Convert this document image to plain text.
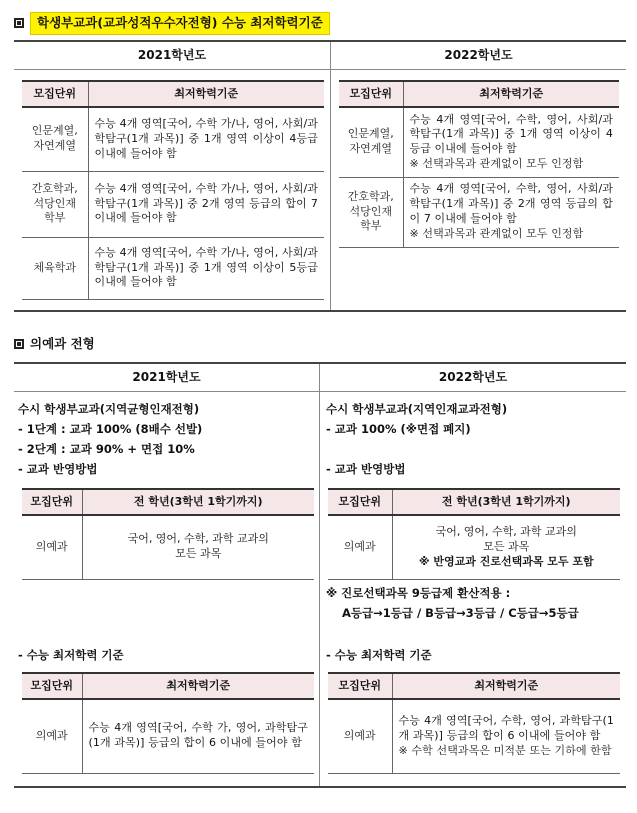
학생부교과(교과성적우수자전형) 수능 최저학력기준
2021학년도
모집단위	최저학력기준
인문계열,
자연계열	수능 4개 영역[국어, 수학 가/나, 영어, 사회/과학탐구(1개 과목)] 중 1개 영역 이상이 4등급 이내에 들어야 함
간호학과,
석당인재
학부	수능 4개 영역[국어, 수학 가/나, 영어, 사회/과학탐구(1개 과목)] 중 2개 영역 등급의 합이 7 이내에 들어야 함
체육학과	수능 4개 영역[국어, 수학 가/나, 영어, 사회/과학탐구(1개 과목)] 중 1개 영역 이상이 5등급 이내에 들어야 함
2022학년도
모집단위	최저학력기준
인문계열,
자연계열	수능 4개 영역[국어, 수학, 영어, 사회/과학탐구(1개 과목)] 중 1개 영역 이상이 4등급 이내에 들어야 함
※ 선택과목과 관계없이 모두 인정함

간호학과,
석당인재
학부	수능 4개 영역[국어, 수학, 영어, 사회/과학탐구(1개 과목)] 중 2개 영역 등급의 합이 7 이내에 들어야 함
※ 선택과목과 관계없이 모두 인정함
의예과 전형
2021학년도
수시 학생부교과(지역균형인재전형)
- 1단계 : 교과 100% (8배수 선발)
- 2단계 : 교과 90% + 면접 10%
- 교과 반영방법
모집단위	전 학년(3학년 1학기까지)
의예과	국어, 영어, 수학, 과학 교과의
모든 과목
- 수능 최저학력 기준
모집단위	최저학력기준
의예과	수능 4개 영역[국어, 수학 가, 영어, 과학탐구(1개 과목)] 등급의 합이 6 이내에 들어야 함
2022학년도
수시 학생부교과(지역인재교과전형)
- 교과 100% (※면접 폐지)
- 교과 반영방법
모집단위	전 학년(3학년 1학기까지)
의예과	국어, 영어, 수학, 과학 교과의
모든 과목
※ 반영교과 진로선택과목 모두 포함
※ 진로선택과목 9등급제 환산적용 :
A등급→1등급 / B등급→3등급 / C등급→5등급
- 수능 최저학력 기준
모집단위	최저학력기준
의예과	수능 4개 영역[국어, 수학, 영어, 과학탐구(1개 과목)] 등급의 합이 6 이내에 들어야 함
※ 수학 선택과목은 미적분 또는 기하에 한함
